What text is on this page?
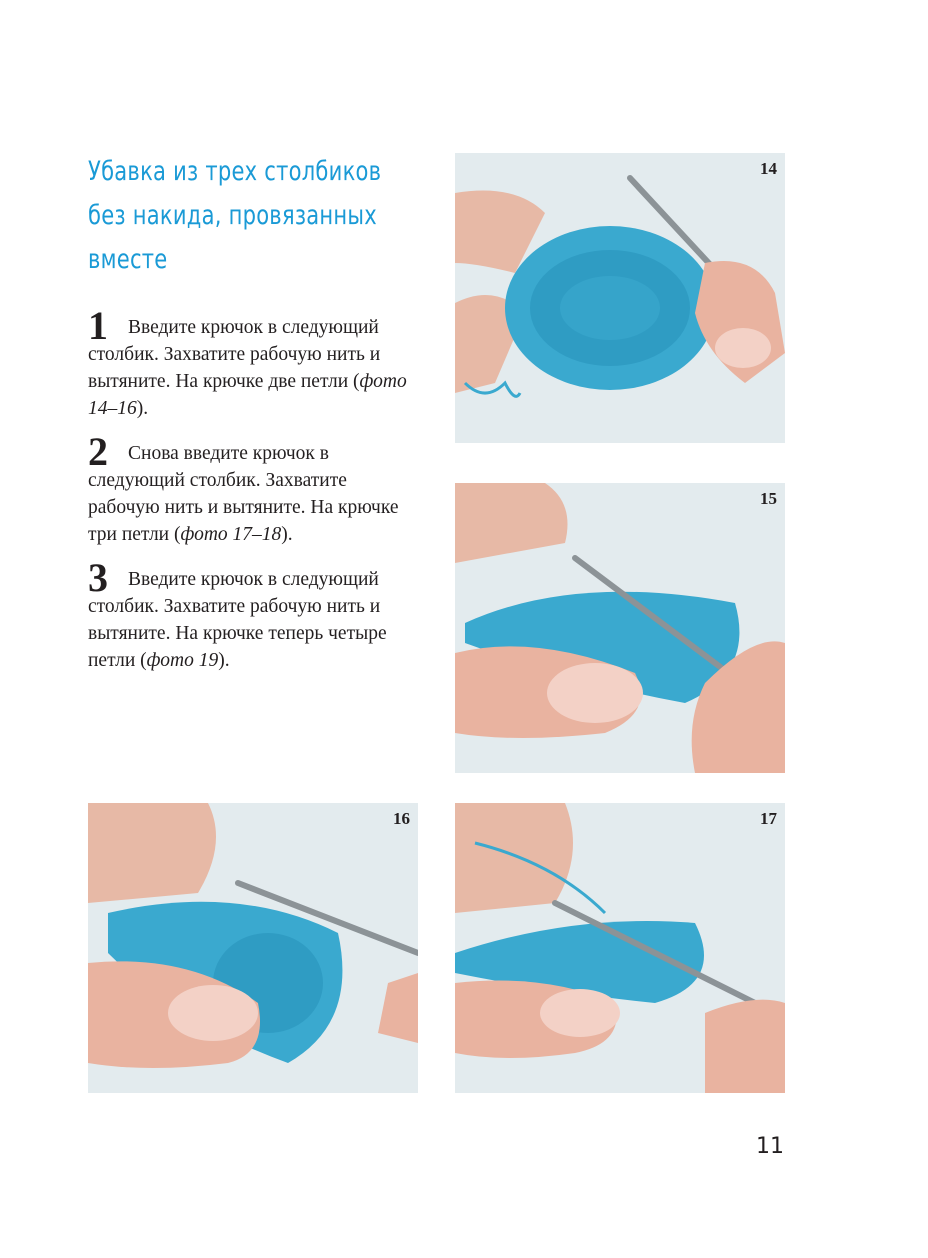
Убавка из трех столбиков
без накида, провязанных
вместе

1 Введите крючок в следующий столбик. Захватите рабочую нить и вытяните. На крючке две петли (фото 14–16).

2 Снова введите крючок в следующий столбик. Захватите рабочую нить и вытяните. На крючке три петли (фото 17–18).

3 Введите крючок в следующий столбик. Захватите рабочую нить и вытяните. На крючке теперь четыре петли (фото 19).

14
15
16	17
11
